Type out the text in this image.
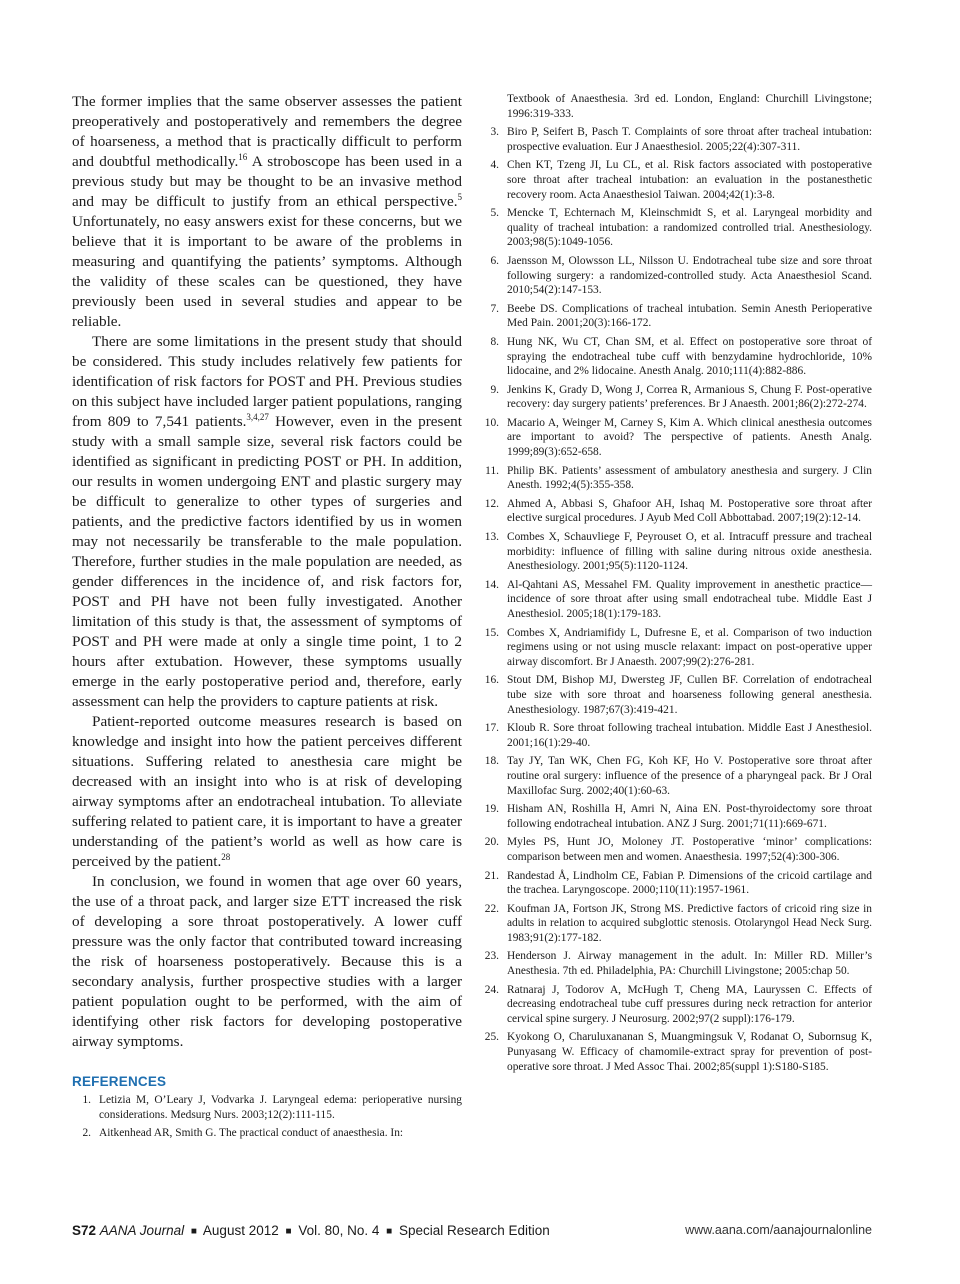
The former implies that the same observer assesses the patient preoperatively and postoperatively and remembers the degree of hoarseness, a method that is practically difficult to perform and doubtful methodically.$^{16}$ A stroboscope has been used in a previous study but may be thought to be an invasive method and may be difficult to justify from an ethical perspective.$^5$ Unfortunately, no easy answers exist for these concerns, but we believe that it is important to be aware of the problems in measuring and quantifying the patients’ symptoms. Although the validity of these scales can be questioned, they have previously been used in several studies and appear to be reliable.

There are some limitations in the present study that should be considered. This study includes relatively few patients for identification of risk factors for POST and PH. Previous studies on this subject have included larger patient populations, ranging from 809 to 7,541 patients.$^{3,4,27}$ However, even in the present study with a small sample size, several risk factors could be identified as significant in predicting POST or PH. In addition, our results in women undergoing ENT and plastic surgery may be difficult to generalize to other types of surgeries and patients, and the predictive factors identified by us in women may not necessarily be transferable to the male population. Therefore, further studies in the male population are needed, as gender differences in the incidence of, and risk factors for, POST and PH have not been fully investigated. Another limitation of this study is that, the assessment of symptoms of POST and PH were made at only a single time point, 1 to 2 hours after extubation. However, these symptoms usually emerge in the early postoperative period and, therefore, early assessment can help the providers to capture patients at risk.

Patient-reported outcome measures research is based on knowledge and insight into how the patient perceives different situations. Suffering related to anesthesia care might be decreased with an insight into who is at risk of developing airway symptoms after an endotracheal intubation. To alleviate suffering related to patient care, it is important to have a greater understanding of the patient’s world as well as how care is perceived by the patient.$^{28}$

In conclusion, we found in women that age over 60 years, the use of a throat pack, and larger size ETT increased the risk of developing a sore throat postoperatively. A lower cuff pressure was the only factor that contributed toward increasing the risk of hoarseness postoperatively. Because this is a secondary analysis, further prospective studies with a larger patient population ought to be performed, with the aim of identifying other risk factors for developing postoperative airway symptoms.

REFERENCES
1. Letizia M, O’Leary J, Vodvarka J. Laryngeal edema: perioperative nursing considerations. Medsurg Nurs. 2003;12(2):111-115.
2. Aitkenhead AR, Smith G. The practical conduct of anaesthesia. In:
Textbook of Anaesthesia. 3rd ed. London, England: Churchill Livingstone; 1996:319-333.
3. Biro P, Seifert B, Pasch T. Complaints of sore throat after tracheal intubation: prospective evaluation. Eur J Anaesthesiol. 2005;22(4):307-311.
4. Chen KT, Tzeng JI, Lu CL, et al. Risk factors associated with postoperative sore throat after tracheal intubation: an evaluation in the postanesthetic recovery room. Acta Anaesthesiol Taiwan. 2004;42(1):3-8.
5. Mencke T, Echternach M, Kleinschmidt S, et al. Laryngeal morbidity and quality of tracheal intubation: a randomized controlled trial. Anesthesiology. 2003;98(5):1049-1056.
6. Jaensson M, Olowsson LL, Nilsson U. Endotracheal tube size and sore throat following surgery: a randomized-controlled study. Acta Anaesthesiol Scand. 2010;54(2):147-153.
7. Beebe DS. Complications of tracheal intubation. Semin Anesth Perioperative Med Pain. 2001;20(3):166-172.
8. Hung NK, Wu CT, Chan SM, et al. Effect on postoperative sore throat of spraying the endotracheal tube cuff with benzydamine hydrochloride, 10% lidocaine, and 2% lidocaine. Anesth Analg. 2010;111(4):882-886.
9. Jenkins K, Grady D, Wong J, Correa R, Armanious S, Chung F. Post-operative recovery: day surgery patients’ preferences. Br J Anaesth. 2001;86(2):272-274.
10. Macario A, Weinger M, Carney S, Kim A. Which clinical anesthesia outcomes are important to avoid? The perspective of patients. Anesth Analg. 1999;89(3):652-658.
11. Philip BK. Patients’ assessment of ambulatory anesthesia and surgery. J Clin Anesth. 1992;4(5):355-358.
12. Ahmed A, Abbasi S, Ghafoor AH, Ishaq M. Postoperative sore throat after elective surgical procedures. J Ayub Med Coll Abbottabad. 2007;19(2):12-14.
13. Combes X, Schauvliege F, Peyrouset O, et al. Intracuff pressure and tracheal morbidity: influence of filling with saline during nitrous oxide anesthesia. Anesthesiology. 2001;95(5):1120-1124.
14. Al-Qahtani AS, Messahel FM. Quality improvement in anesthetic practice—incidence of sore throat after using small endotracheal tube. Middle East J Anesthesiol. 2005;18(1):179-183.
15. Combes X, Andriamifidy L, Dufresne E, et al. Comparison of two induction regimens using or not using muscle relaxant: impact on post-operative upper airway discomfort. Br J Anaesth. 2007;99(2):276-281.
16. Stout DM, Bishop MJ, Dwersteg JF, Cullen BF. Correlation of endotracheal tube size with sore throat and hoarseness following general anesthesia. Anesthesiology. 1987;67(3):419-421.
17. Kloub R. Sore throat following tracheal intubation. Middle East J Anesthesiol. 2001;16(1):29-40.
18. Tay JY, Tan WK, Chen FG, Koh KF, Ho V. Postoperative sore throat after routine oral surgery: influence of the presence of a pharyngeal pack. Br J Oral Maxillofac Surg. 2002;40(1):60-63.
19. Hisham AN, Roshilla H, Amri N, Aina EN. Post-thyroidectomy sore throat following endotracheal intubation. ANZ J Surg. 2001;71(11):669-671.
20. Myles PS, Hunt JO, Moloney JT. Postoperative ‘minor’ complications: comparison between men and women. Anaesthesia. 1997;52(4):300-306.
21. Randestad Å, Lindholm CE, Fabian P. Dimensions of the cricoid cartilage and the trachea. Laryngoscope. 2000;110(11):1957-1961.
22. Koufman JA, Fortson JK, Strong MS. Predictive factors of cricoid ring size in adults in relation to acquired subglottic stenosis. Otolaryngol Head Neck Surg. 1983;91(2):177-182.
23. Henderson J. Airway management in the adult. In: Miller RD. Miller’s Anesthesia. 7th ed. Philadelphia, PA: Churchill Livingstone; 2005:chap 50.
24. Ratnaraj J, Todorov A, McHugh T, Cheng MA, Lauryssen C. Effects of decreasing endotracheal tube cuff pressures during neck retraction for anterior cervical spine surgery. J Neurosurg. 2002;97(2 suppl):176-179.
25. Kyokong O, Charuluxananan S, Muangmingsuk V, Rodanat O, Subornsug K, Punyasang W. Efficacy of chamomile-extract spray for prevention of post-operative sore throat. J Med Assoc Thai. 2002;85(suppl 1):S180-S185.
S72 AANA Journal ■ August 2012 ■ Vol. 80, No. 4 ■ Special Research Edition	www.aana.com/aanajournalonline
